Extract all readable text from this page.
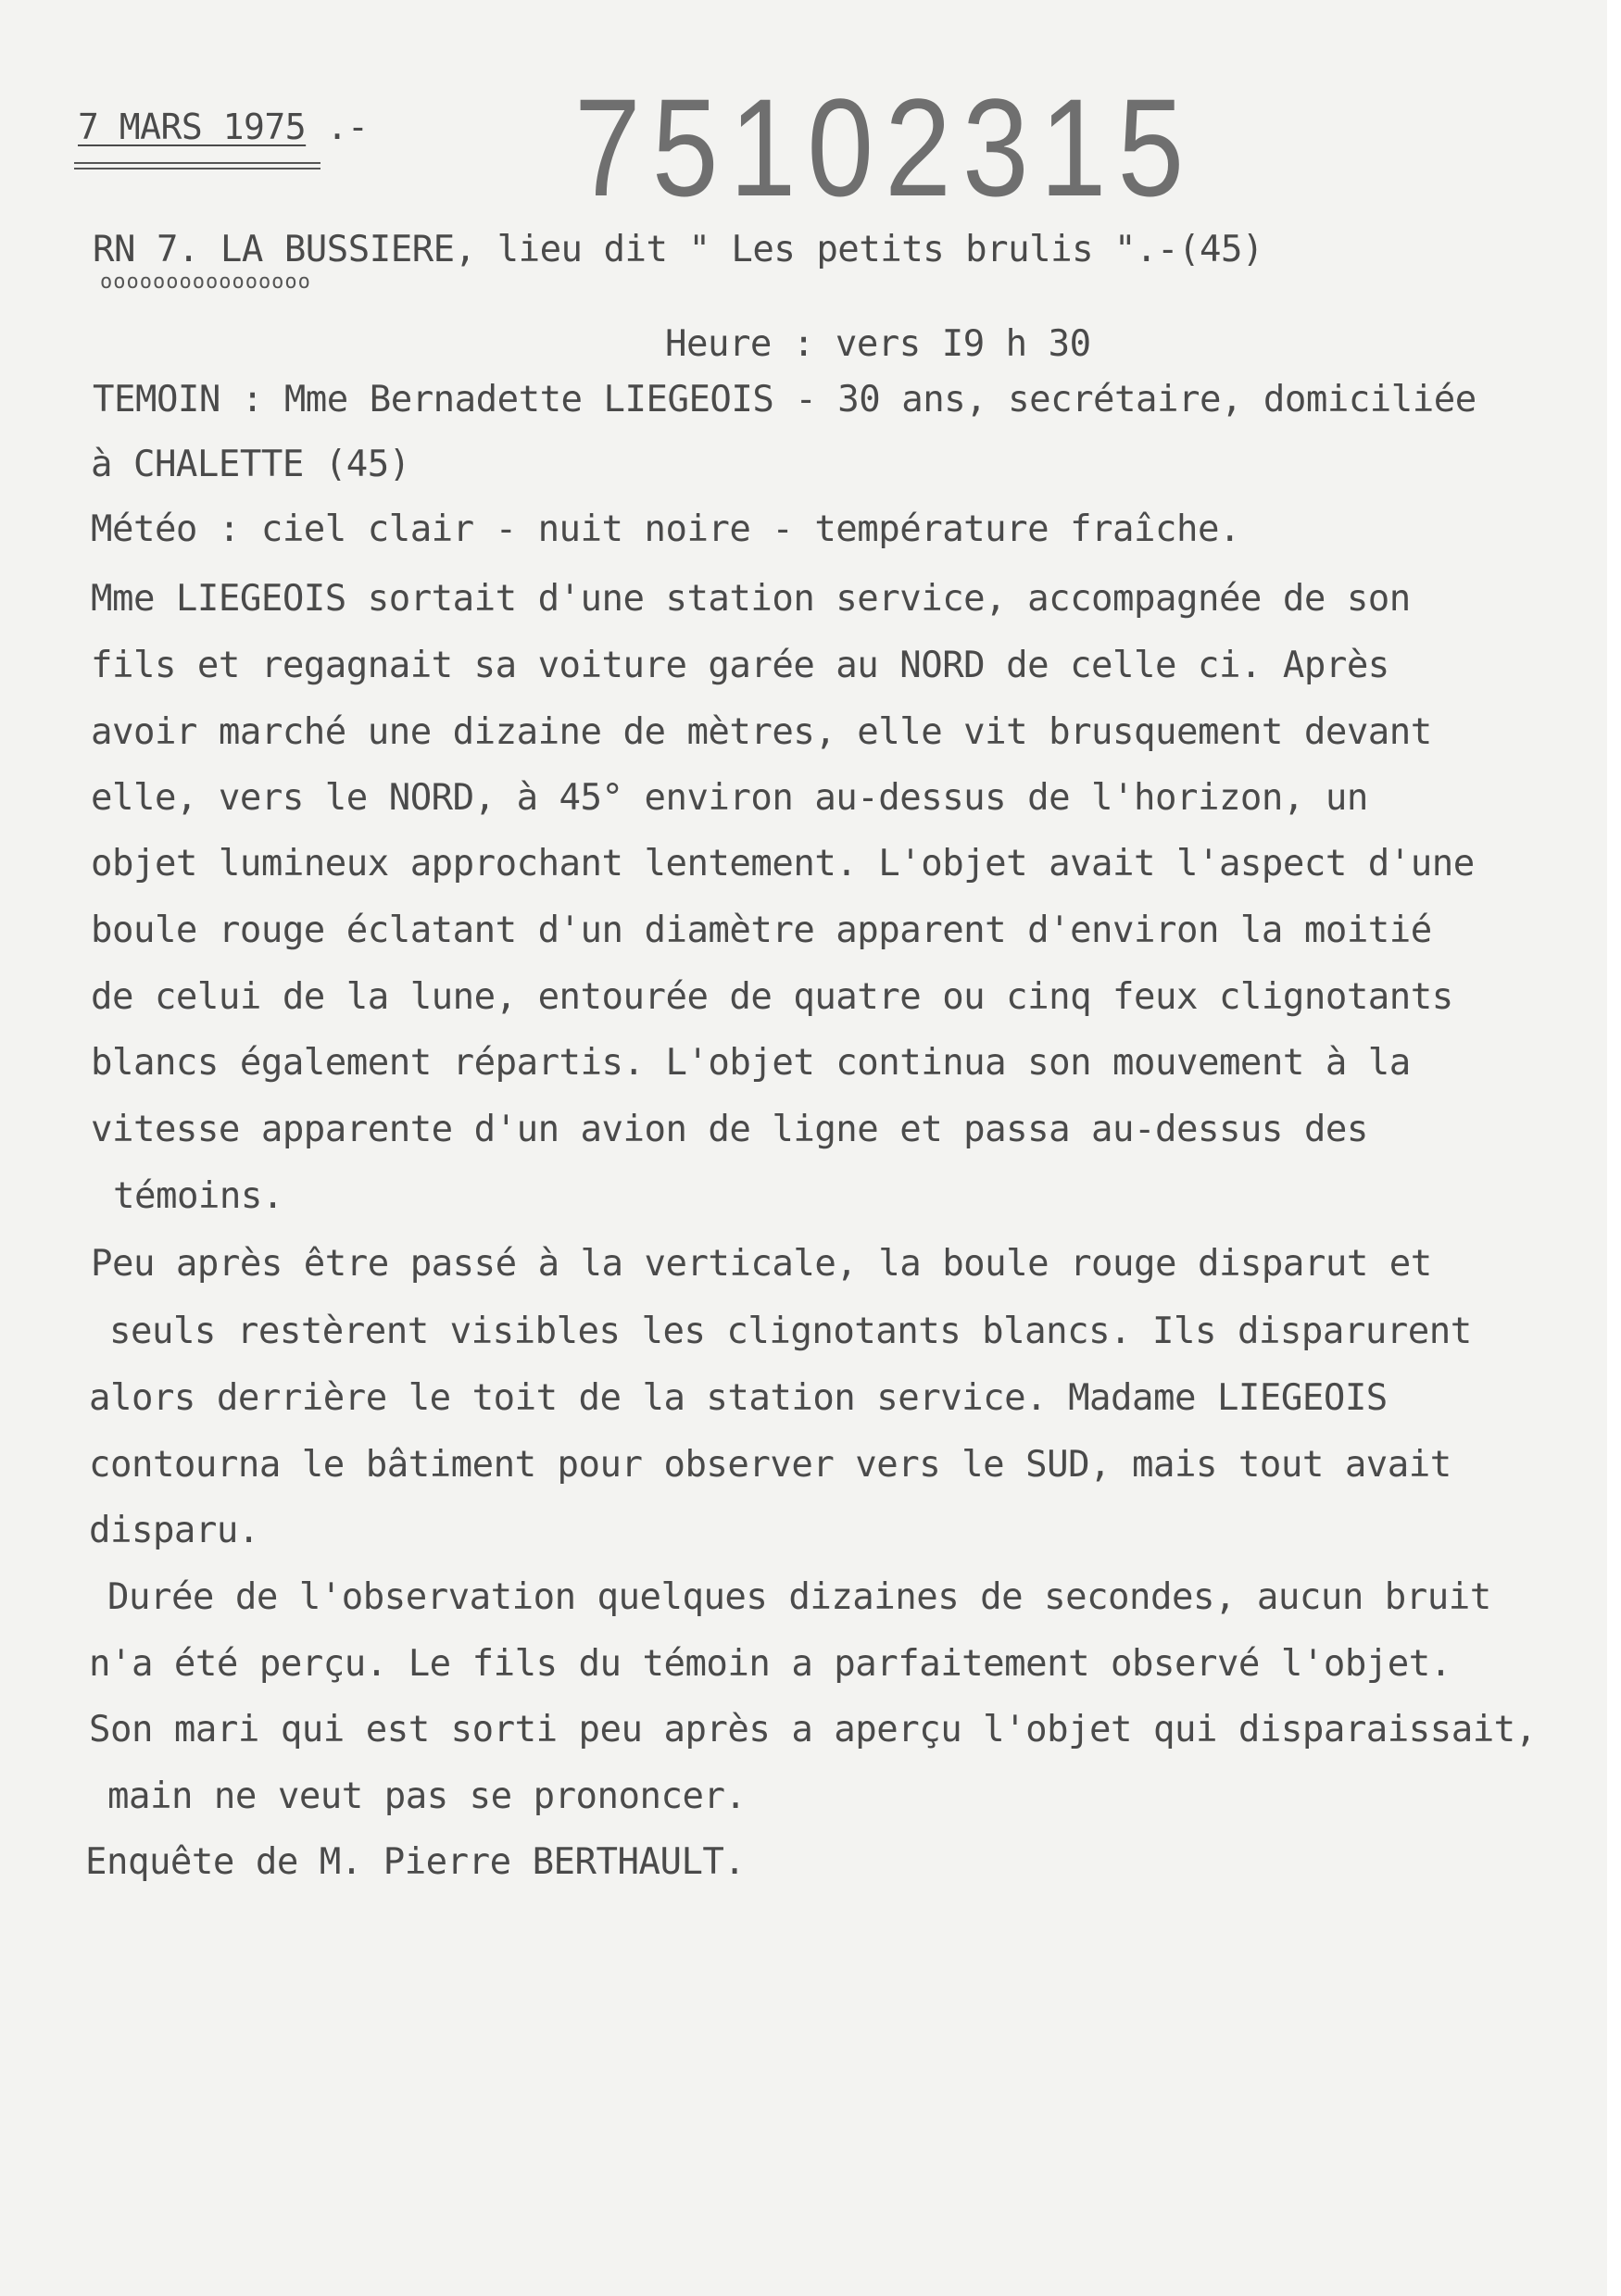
7 MARS 1975 .- 75102315
RN 7. LA BUSSIERE, lieu dit " Les petits brulis ".-(45)
oooooooooooooooo
Heure : vers I9 h 30
TEMOIN : Mme Bernadette LIEGEOIS - 30 ans, secrétaire, domiciliée
à CHALETTE (45)
Météo : ciel clair - nuit noire - température fraîche.
Mme LIEGEOIS sortait d'une station service, accompagnée de son
fils et regagnait sa voiture garée au NORD de celle ci. Après
avoir marché une dizaine de mètres, elle vit brusquement devant
elle, vers le NORD, à 45° environ au-dessus de l'horizon, un
objet lumineux approchant lentement. L'objet avait l'aspect d'une
boule rouge éclatant d'un diamètre apparent d'environ la moitié
de celui de la lune, entourée de quatre ou cinq feux clignotants
blancs également répartis. L'objet continua son mouvement à la
vitesse apparente d'un avion de ligne et passa au-dessus des
témoins.
Peu après être passé à la verticale, la boule rouge disparut et
seuls restèrent visibles les clignotants blancs. Ils disparurent
alors derrière le toit de la station service. Madame LIEGEOIS
contourna le bâtiment pour observer vers le SUD, mais tout avait
disparu.
Durée de l'observation quelques dizaines de secondes, aucun bruit
n'a été perçu. Le fils du témoin a parfaitement observé l'objet.
Son mari qui est sorti peu après a aperçu l'objet qui disparaissait,
main ne veut pas se prononcer.
Enquête de M. Pierre BERTHAULT.
